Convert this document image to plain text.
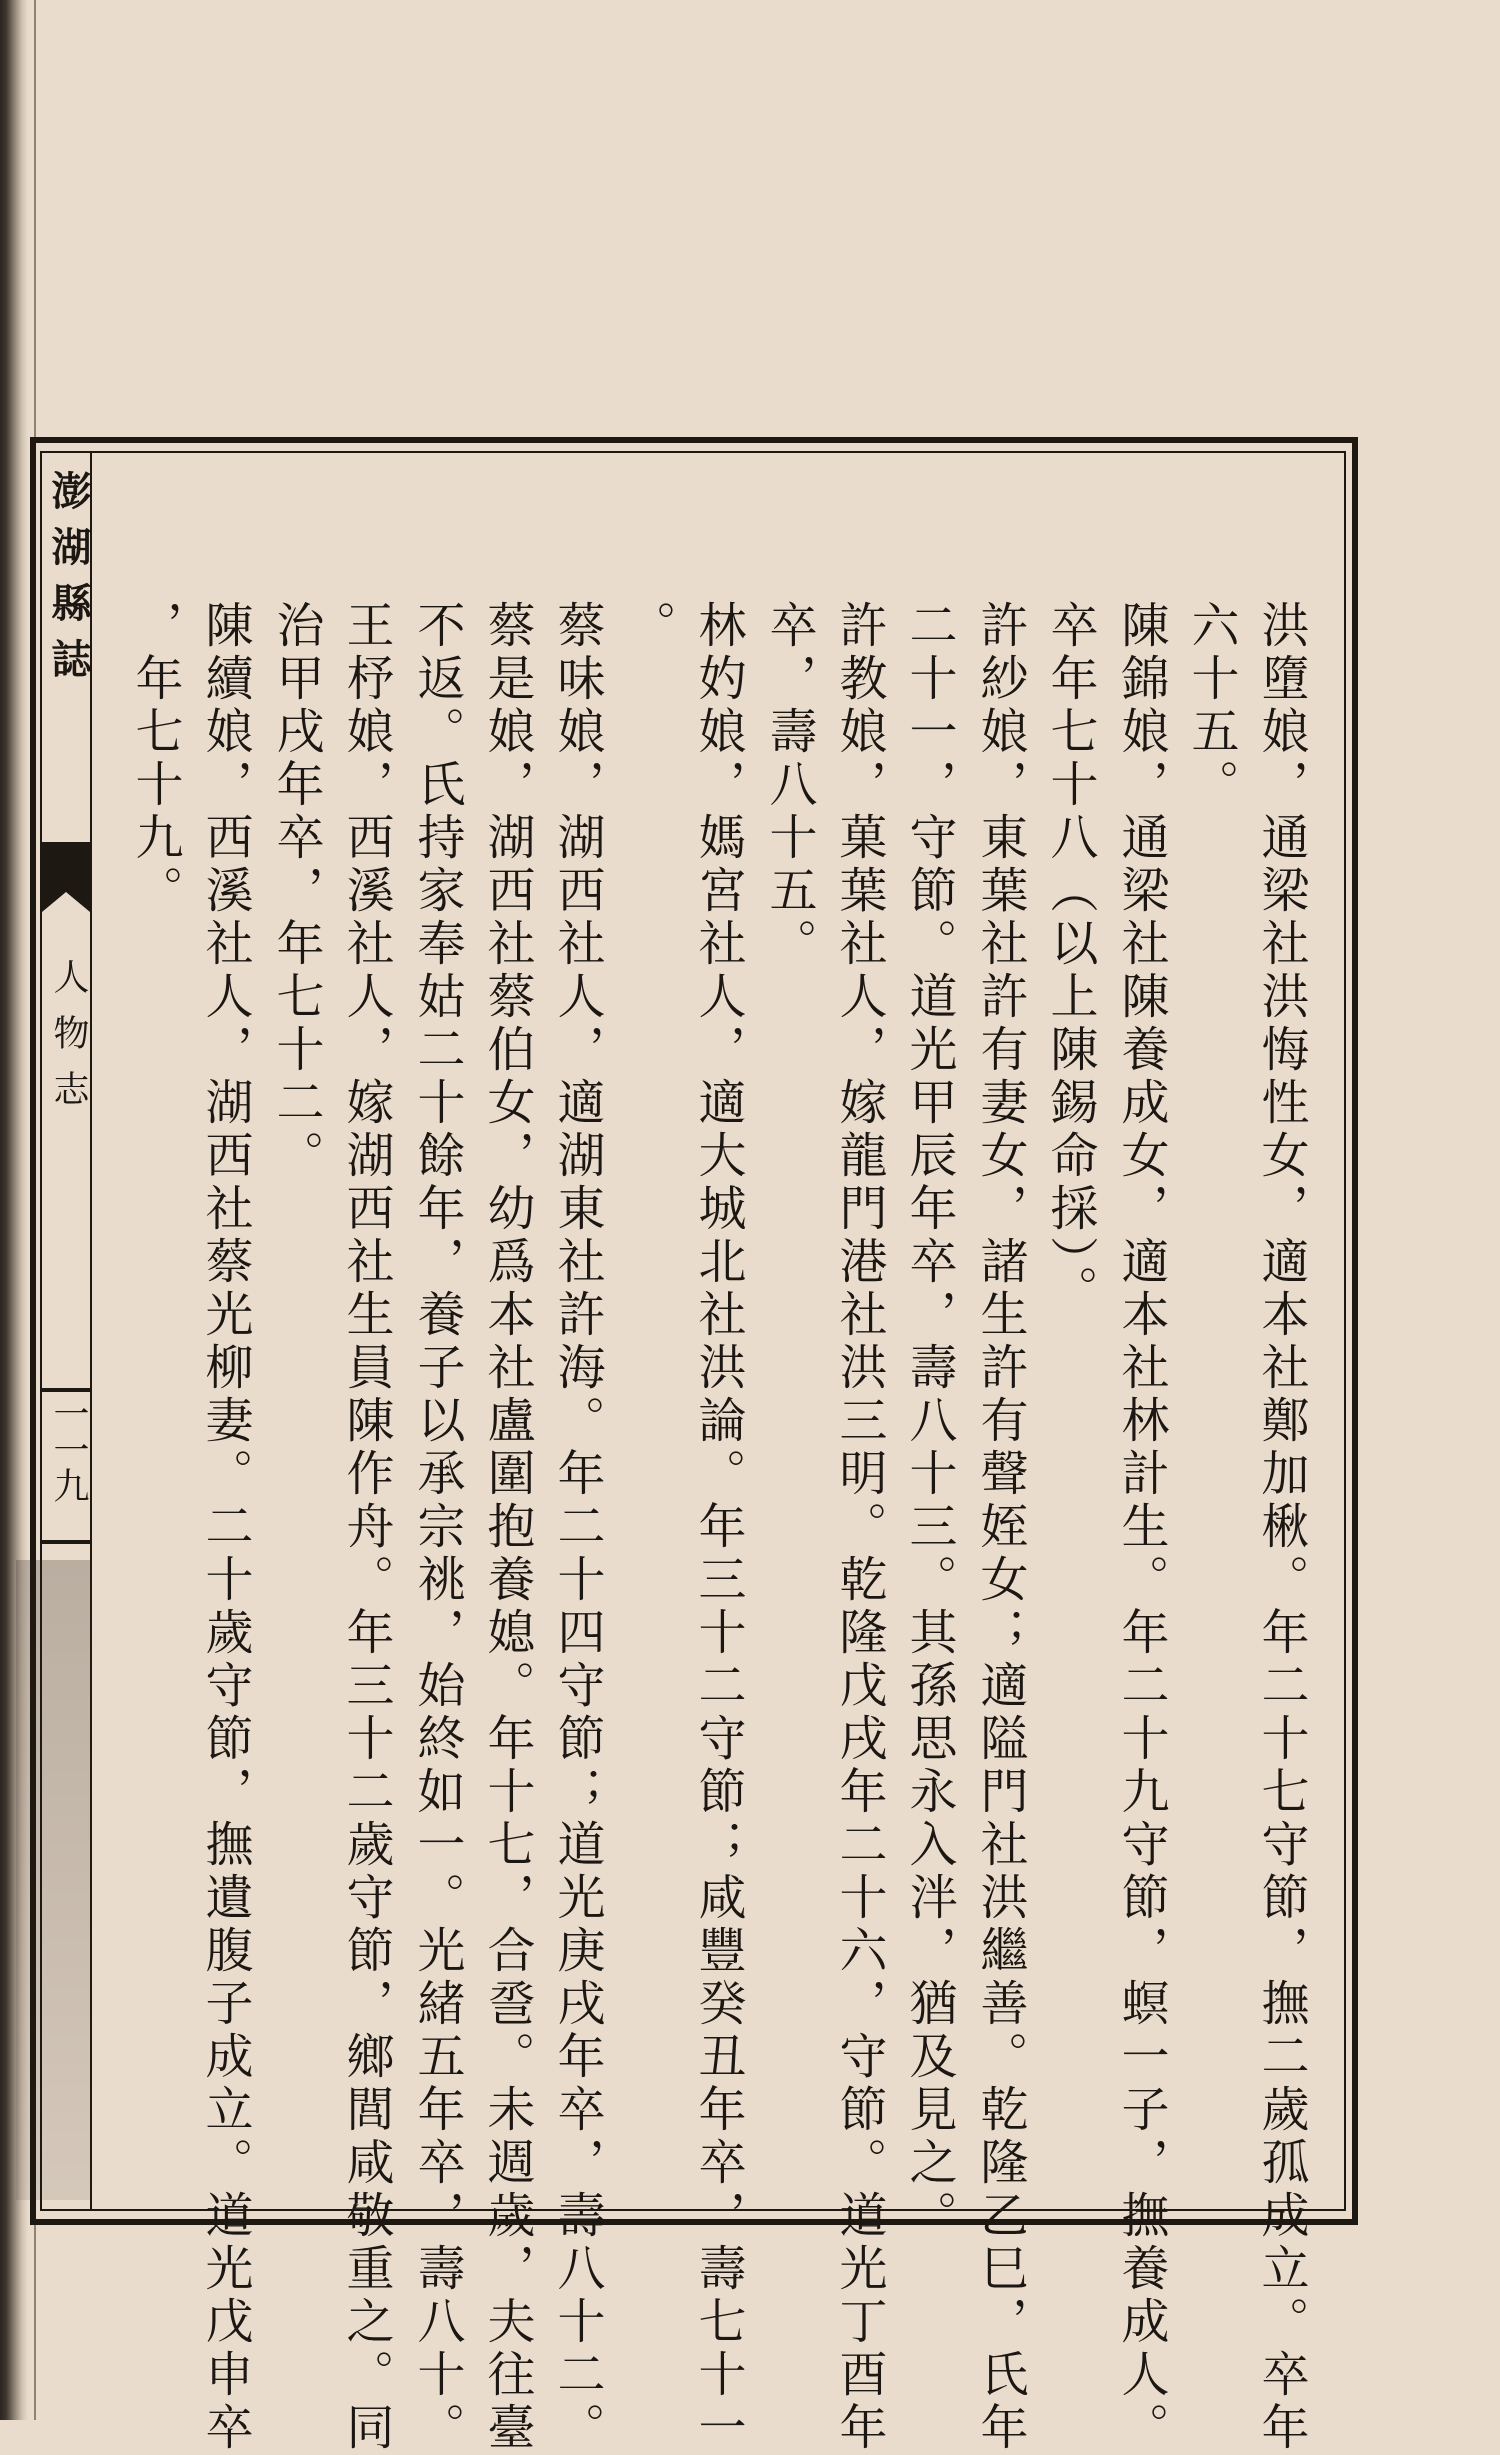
澎湖縣誌
人物志
一一九	洪墮娘，通梁社洪悔性女，適本社鄭加楸。年二十七守節，撫二歲孤成立。卒年
六十五。
陳錦娘，通梁社陳養成女，適本社林計生。年二十九守節，螟一子，撫養成人。
卒年七十八（以上陳錫命採）。
許紗娘，東葉社許有妻女，諸生許有聲姪女；適隘門社洪繼善。乾隆乙巳，氏年
二十一，守節。道光甲辰年卒，壽八十三。其孫思永入泮，猶及見之。
許教娘，菓葉社人，嫁龍門港社洪三明。乾隆戊戌年二十六，守節。道光丁酉年
卒，壽八十五。
林妁娘，媽宮社人，適大城北社洪論。年三十二守節；咸豐癸丑年卒，壽七十一
。
蔡味娘，湖西社人，適湖東社許海。年二十四守節；道光庚戌年卒，壽八十二。
蔡是娘，湖西社蔡伯女，幼爲本社盧圍抱養媳。年十七，合巹。未週歲，夫往臺
不返。氏持家奉姑二十餘年，養子以承宗祧，始終如一。光緒五年卒，壽八十。
王杼娘，西溪社人，嫁湖西社生員陳作舟。年三十二歲守節，鄉閭咸敬重之。同
治甲戌年卒，年七十二。
陳續娘，西溪社人，湖西社蔡光柳妻。二十歲守節，撫遺腹子成立。道光戊申卒
，年七十九。
